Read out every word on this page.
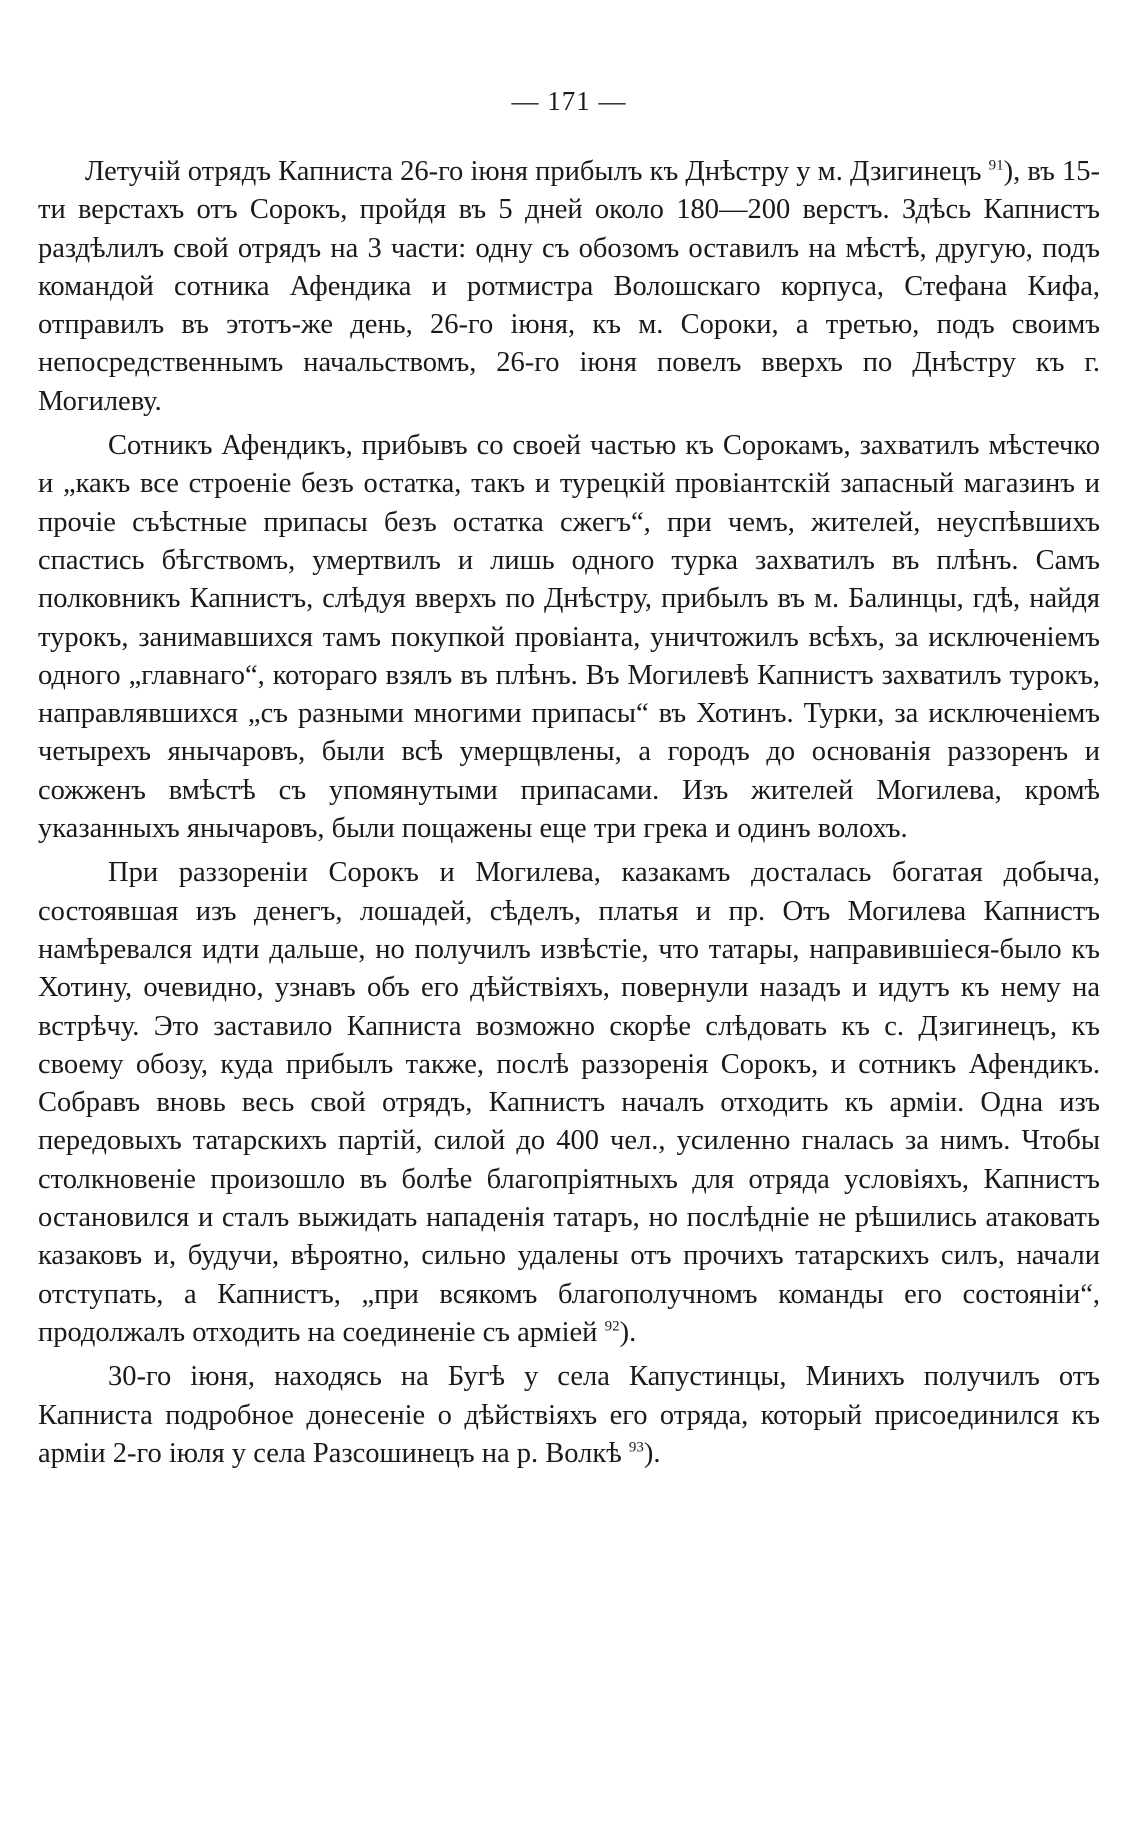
— 171 —

Летучiй отрядъ Капниста 26-го iюня прибылъ къ Днѣстру у м. Дзигинецъ $^{91}$), въ 15-ти верстахъ отъ Сорокъ, пройдя въ 5 дней около 180—200 верстъ. Здѣсь Капнистъ раздѣлилъ свой отрядъ на 3 части: одну съ обозомъ оставилъ на мѣстѣ, другую, подъ командой сотника Афендика и ротмистра Волошскаго корпуса, Стефана Кифа, отправилъ въ этотъ-же день, 26-го iюня, къ м. Сороки, а третью, подъ своимъ непосредственнымъ начальствомъ, 26-го iюня повелъ вверхъ по Днѣстру къ г. Могилеву.

Сотникъ Афендикъ, прибывъ со своей частью къ Сорокамъ, захватилъ мѣстечко и „какъ все строенiе безъ остатка, такъ и турецкiй провiантскiй запасный магазинъ и прочiе съѣстные припасы безъ остатка сжегъ“, при чемъ, жителей, неуспѣвшихъ спастись бѣгствомъ, умертвилъ и лишь одного турка захватилъ въ плѣнъ. Самъ полковникъ Капнистъ, слѣдуя вверхъ по Днѣстру, прибылъ въ м. Балинцы, гдѣ, найдя турокъ, занимавшихся тамъ покупкой провiанта, уничтожилъ всѣхъ, за исключенiемъ одного „главнаго“, котораго взялъ въ плѣнъ. Въ Могилевѣ Капнистъ захватилъ турокъ, направлявшихся „съ разными многими припасы“ въ Хотинъ. Турки, за исключенiемъ четырехъ янычаровъ, были всѣ умерщвлены, а городъ до основанiя раззоренъ и сожженъ вмѣстѣ съ упомянутыми припасами. Изъ жителей Могилева, кромѣ указанныхъ янычаровъ, были пощажены еще три грека и одинъ волохъ.

При раззоренiи Сорокъ и Могилева, казакамъ досталась богатая добыча, состоявшая изъ денегъ, лошадей, сѣделъ, платья и пр. Отъ Могилева Капнистъ намѣревался идти дальше, но получилъ извѣстiе, что татары, направившiеся-было къ Хотину, очевидно, узнавъ объ его дѣйствiяхъ, повернули назадъ и идутъ къ нему на встрѣчу. Это заставило Капниста возможно скорѣе слѣдовать къ с. Дзигинецъ, къ своему обозу, куда прибылъ также, послѣ раззоренiя Сорокъ, и сотникъ Афендикъ. Собравъ вновь весь свой отрядъ, Капнистъ началъ отходить къ армiи. Одна изъ передовыхъ татарскихъ партiй, силой до 400 чел., усиленно гналась за нимъ. Чтобы столкновенiе произошло въ болѣе благопрiятныхъ для отряда условiяхъ, Капнистъ остановился и сталъ выжидать нападенiя татаръ, но послѣднiе не рѣшились атаковать казаковъ и, будучи, вѣроятно, сильно удалены отъ прочихъ татарскихъ силъ, начали отступать, а Капнистъ, „при всякомъ благополучномъ команды его состоянiи“, продолжалъ отходить на соединенiе съ армiей $^{92}$).

30-го iюня, находясь на Бугѣ у села Капустинцы, Минихъ получилъ отъ Капниста подробное донесенiе о дѣйствiяхъ его отряда, который присоединился къ армiи 2-го iюля у села Разсошинецъ на р. Волкѣ $^{93}$).
